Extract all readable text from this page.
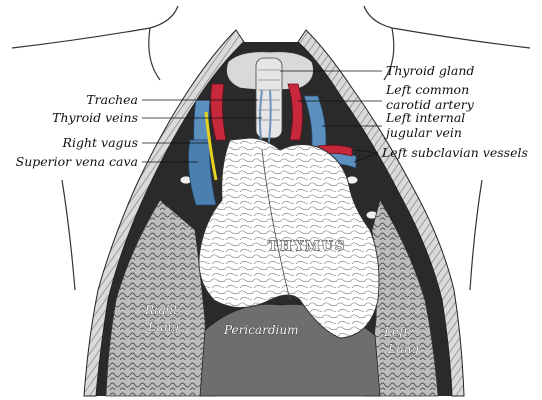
THYMUS
Right
Lung	Pericardium	Left
Lung
Trachea
Thyroid veins
Right vagus
Superior vena cava
Thyroid gland
Left common
carotid artery
Left internal
jugular vein
Left subclavian vessels
